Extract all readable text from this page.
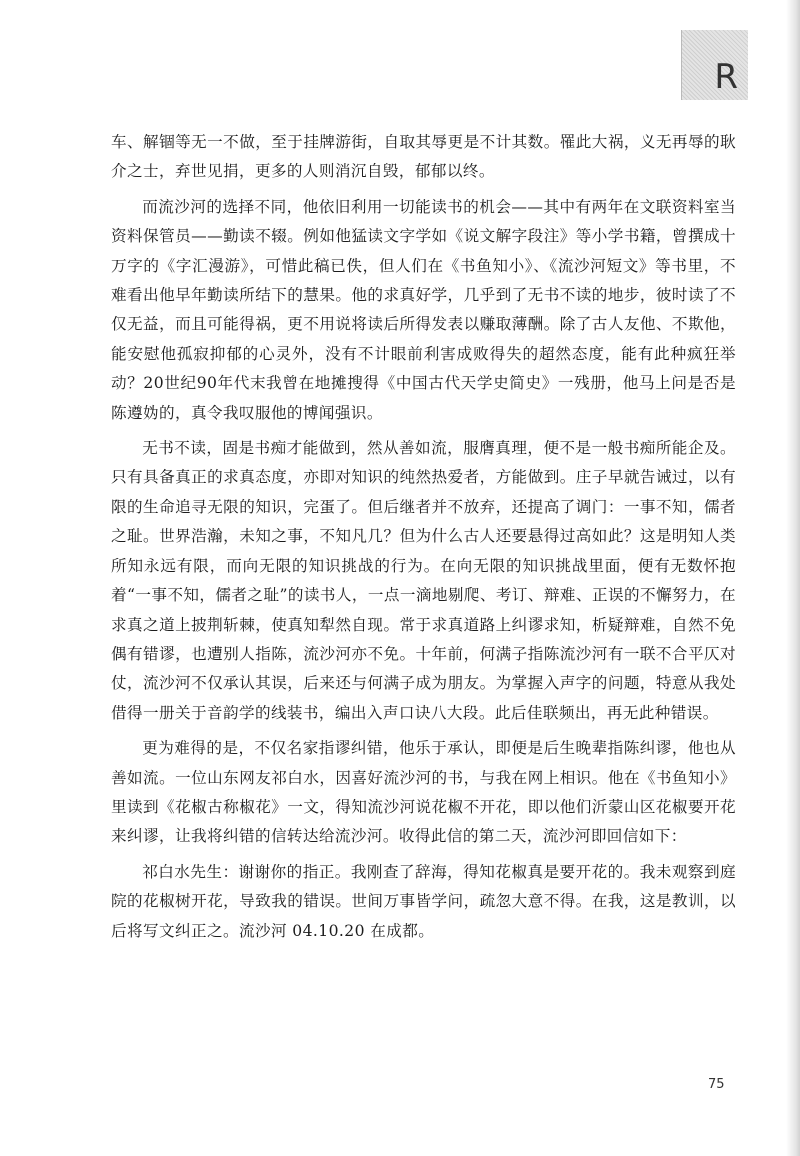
R

车、解锢等无一不做，至于挂牌游街，自取其辱更是不计其数。罹此大祸，义无再辱的耿介之士，弃世见捐，更多的人则消沉自毁，郁郁以终。

而流沙河的选择不同，他依旧利用一切能读书的机会——其中有两年在文联资料室当资料保管员——勤读不辍。例如他猛读文字学如《说文解字段注》等小学书籍，曾撰成十万字的《字汇漫游》，可惜此稿已佚，但人们在《书鱼知小》、《流沙河短文》等书里，不难看出他早年勤读所结下的慧果。他的求真好学，几乎到了无书不读的地步，彼时读了不仅无益，而且可能得祸，更不用说将读后所得发表以赚取薄酬。除了古人友他、不欺他，能安慰他孤寂抑郁的心灵外，没有不计眼前利害成败得失的超然态度，能有此种疯狂举动？20世纪90年代末我曾在地摊搜得《中国古代天学史简史》一残册，他马上问是否是陈遵妫的，真令我叹服他的博闻强识。

无书不读，固是书痴才能做到，然从善如流，服膺真理，便不是一般书痴所能企及。只有具备真正的求真态度，亦即对知识的纯然热爱者，方能做到。庄子早就告诫过，以有限的生命追寻无限的知识，完蛋了。但后继者并不放弃，还提高了调门：一事不知，儒者之耻。世界浩瀚，未知之事，不知凡几？但为什么古人还要悬得过高如此？这是明知人类所知永远有限，而向无限的知识挑战的行为。在向无限的知识挑战里面，便有无数怀抱着“一事不知，儒者之耻”的读书人，一点一滴地剔爬、考订、辩难、正误的不懈努力，在求真之道上披荆斩棘，使真知犁然自现。常于求真道路上纠谬求知，析疑辩难，自然不免偶有错谬，也遭别人指陈，流沙河亦不免。十年前，何满子指陈流沙河有一联不合平仄对仗，流沙河不仅承认其误，后来还与何满子成为朋友。为掌握入声字的问题，特意从我处借得一册关于音韵学的线装书，编出入声口诀八大段。此后佳联频出，再无此种错误。

更为难得的是，不仅名家指谬纠错，他乐于承认，即便是后生晚辈指陈纠谬，他也从善如流。一位山东网友祁白水，因喜好流沙河的书，与我在网上相识。他在《书鱼知小》里读到《花椒古称椒花》一文，得知流沙河说花椒不开花，即以他们沂蒙山区花椒要开花来纠谬，让我将纠错的信转达给流沙河。收得此信的第二天，流沙河即回信如下：

祁白水先生：谢谢你的指正。我刚查了辞海，得知花椒真是要开花的。我未观察到庭院的花椒树开花，导致我的错误。世间万事皆学问，疏忽大意不得。在我，这是教训，以后将写文纠正之。流沙河 04.10.20 在成都。

75
